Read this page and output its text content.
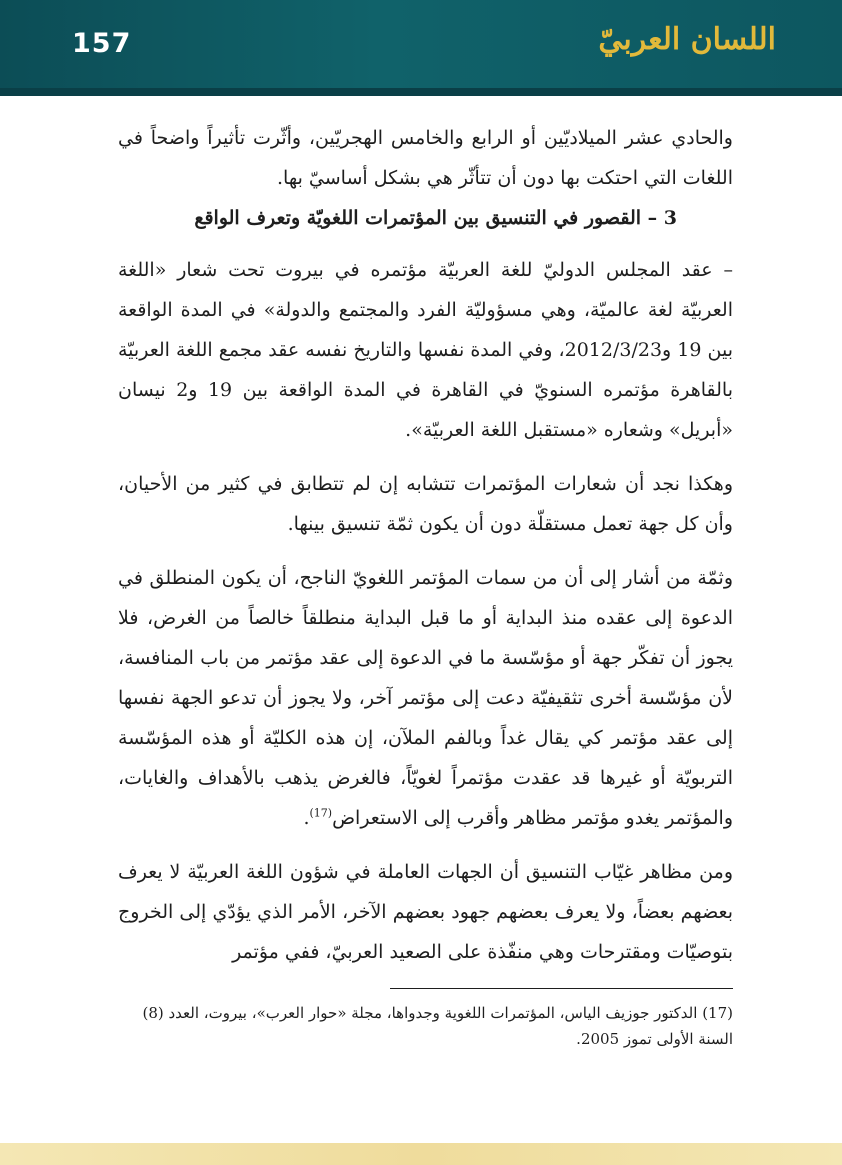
157	اللسان العربيّ

والحادي عشر الميلاديّين أو الرابع والخامس الهجريّين، وأثّرت تأثيراً واضحاً في اللغات التي احتكت بها دون أن تتأثّر هي بشكل أساسيّ بها.

3 – القصور في التنسيق بين المؤتمرات اللغويّة وتعرف الواقع

– عقد المجلس الدوليّ للغة العربيّة مؤتمره في بيروت تحت شعار «اللغة العربيّة لغة عالميّة، وهي مسؤوليّة الفرد والمجتمع والدولة» في المدة الواقعة بين 19 و2012/3/23، وفي المدة نفسها والتاريخ نفسه عقد مجمع اللغة العربيّة بالقاهرة مؤتمره السنويّ في القاهرة في المدة الواقعة بين 19 و2 نيسان «أبريل» وشعاره «مستقبل اللغة العربيّة».

وهكذا نجد أن شعارات المؤتمرات تتشابه إن لم تتطابق في كثير من الأحيان، وأن كل جهة تعمل مستقلّة دون أن يكون ثمّة تنسيق بينها.

وثمّة من أشار إلى أن من سمات المؤتمر اللغويّ الناجح، أن يكون المنطلق في الدعوة إلى عقده منذ البداية أو ما قبل البداية منطلقاً خالصاً من الغرض، فلا يجوز أن تفكّر جهة أو مؤسّسة ما في الدعوة إلى عقد مؤتمر من باب المنافسة، لأن مؤسّسة أخرى تثقيفيّة دعت إلى مؤتمر آخر، ولا يجوز أن تدعو الجهة نفسها إلى عقد مؤتمر كي يقال غداً وبالفم الملآن، إن هذه الكليّة أو هذه المؤسّسة التربويّة أو غيرها قد عقدت مؤتمراً لغويّاً، فالغرض يذهب بالأهداف والغايات، والمؤتمر يغدو مؤتمر مظاهر وأقرب إلى الاستعراض$^{(17)}$.

ومن مظاهر غيّاب التنسيق أن الجهات العاملة في شؤون اللغة العربيّة لا يعرف بعضهم بعضاً، ولا يعرف بعضهم جهود بعضهم الآخر، الأمر الذي يؤدّي إلى الخروج بتوصيّات ومقترحات وهي منفّذة على الصعيد العربيّ، ففي مؤتمر

(17) الدكتور جوزيف الياس، المؤتمرات اللغوية وجدواها، مجلة «حوار العرب»، بيروت، العدد (8)
السنة الأولى تموز 2005.
